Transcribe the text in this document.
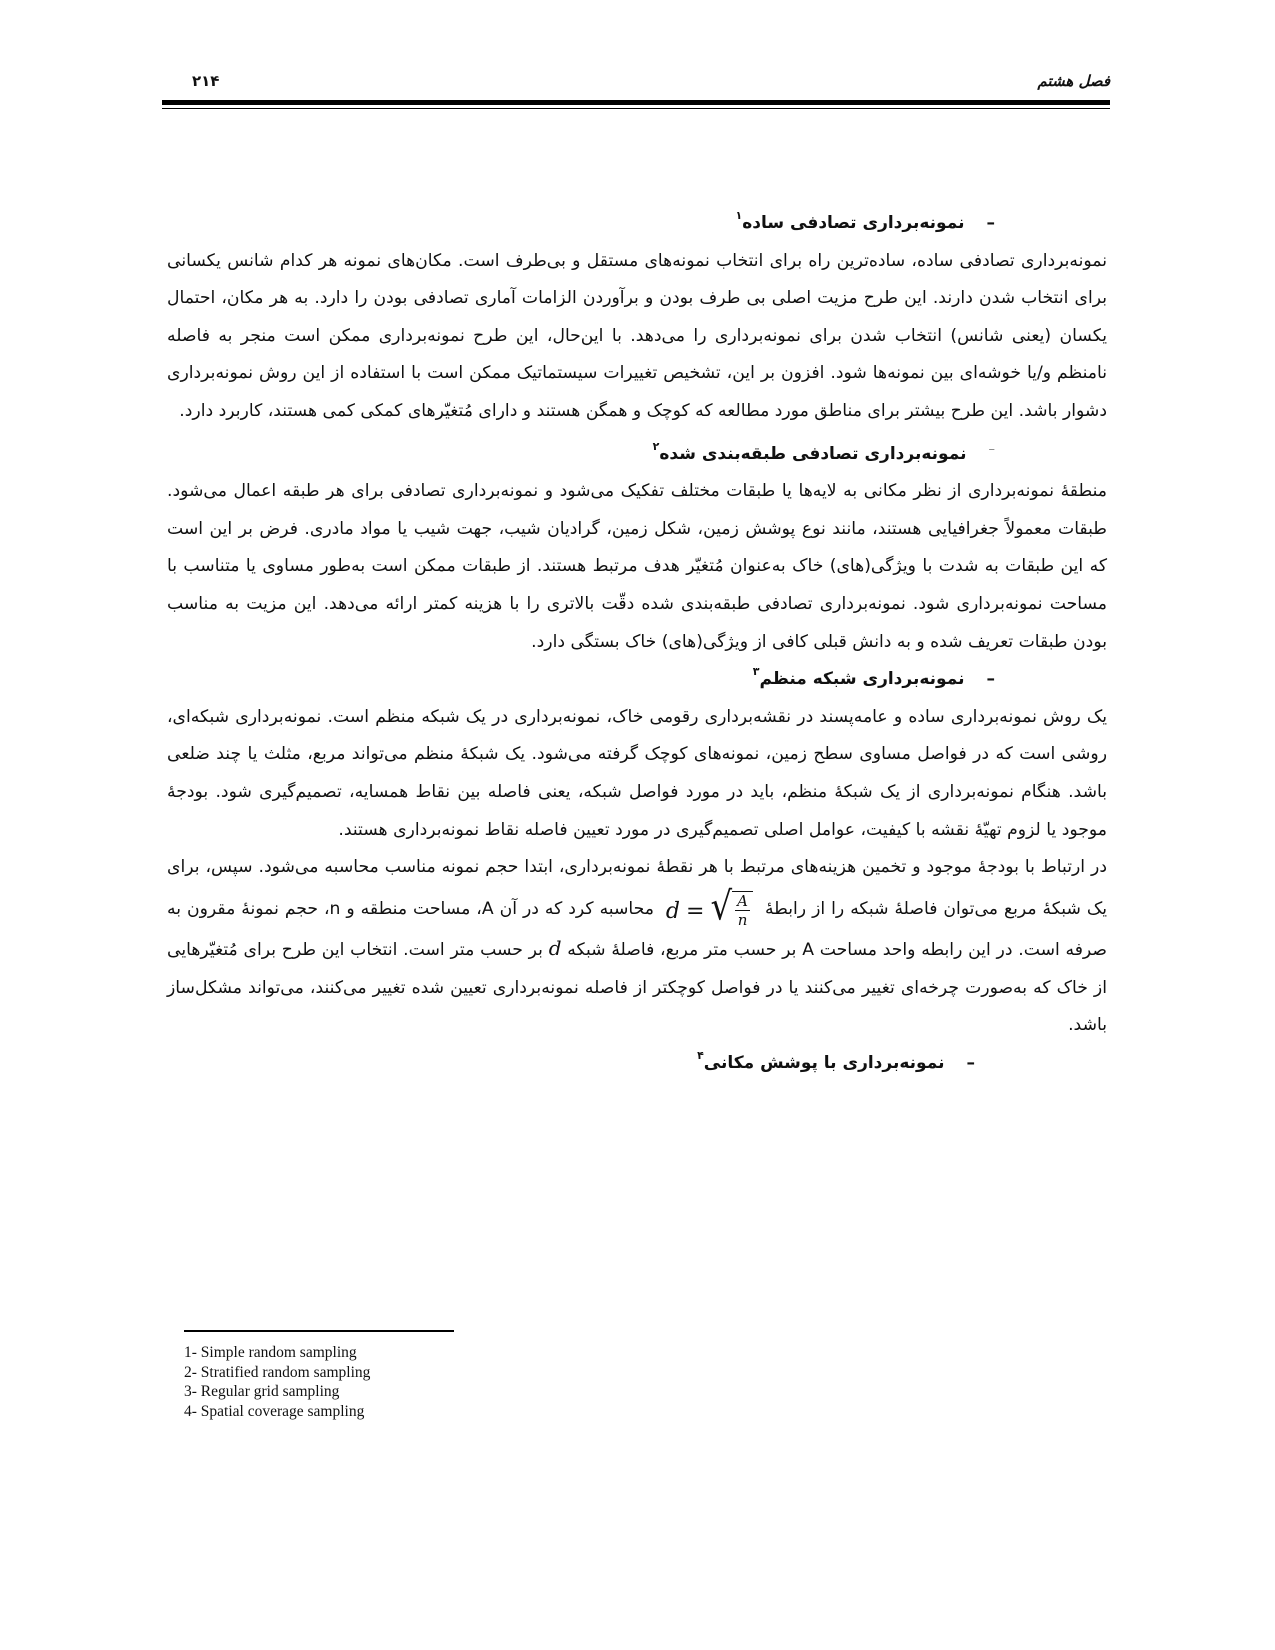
فصل هشتم
۲۱۴
–نمونه‌برداری تصادفی ساده$^۱$

نمونه‌برداری تصادفی ساده، ساده‌ترین راه برای انتخاب نمونه‌های مستقل و بی‌طرف است. مکان‌های نمونه هر کدام شانس یکسانی برای انتخاب شدن دارند. این طرح مزیت اصلی بی طرف بودن و برآوردن الزامات آماری تصادفی بودن را دارد. به هر مکان، احتمال یکسان (یعنی شانس) انتخاب شدن برای نمونه‌برداری را می‌دهد. با این‌حال، این طرح نمونه‌برداری ممکن است منجر به فاصله نامنظم و/یا خوشه‌ای بین نمونه‌ها شود. افزون بر این، تشخیص تغییرات سیستماتیک ممکن است با استفاده از این روش نمونه‌برداری دشوار باشد. این طرح بیشتر برای مناطق مورد مطالعه که کوچک و همگن هستند و دارای مُتغیّرهای کمکی کمی هستند، کاربرد دارد.

–نمونه‌برداری تصادفی طبقه‌بندی شده$^۲$

منطقهٔ نمونه‌برداری از نظر مکانی به لایه‌ها یا طبقات مختلف تفکیک می‌شود و نمونه‌برداری تصادفی برای هر طبقه اعمال می‌شود. طبقات معمولاً جغرافیایی هستند، مانند نوع پوشش زمین، شکل زمین، گرادیان شیب، جهت شیب یا مواد مادری. فرض بر این است که این طبقات به شدت با ویژگی(های) خاک به‌عنوان مُتغیّر هدف مرتبط هستند. از طبقات ممکن است به‌طور مساوی یا متناسب با مساحت نمونه‌برداری شود. نمونه‌برداری تصادفی طبقه‌بندی شده دقّت بالاتری را با هزینه کمتر ارائه می‌دهد. این مزیت به مناسب بودن طبقات تعریف شده و به دانش قبلی کافی از ویژگی(های) خاک بستگی دارد.

–نمونه‌برداری شبکه منظم$^۳$

یک روش نمونه‌برداری ساده و عامه‌پسند در نقشه‌برداری رقومی خاک، نمونه‌برداری در یک شبکه منظم است. نمونه‌برداری شبکه‌ای، روشی است که در فواصل مساوی سطح زمین، نمونه‌های کوچک گرفته می‌شود. یک شبکهٔ منظم می‌تواند مربع، مثلث یا چند ضلعی باشد. هنگام نمونه‌برداری از یک شبکهٔ منظم، باید در مورد فواصل شبکه، یعنی فاصله بین نقاط همسایه، تصمیم‌گیری شود. بودجهٔ موجود یا لزوم تهیّهٔ نقشه با کیفیت، عوامل اصلی تصمیم‌گیری در مورد تعیین فاصله نقاط نمونه‌برداری هستند.

در ارتباط با بودجهٔ موجود و تخمین هزینه‌های مرتبط با هر نقطهٔ نمونه‌برداری، ابتدا حجم نمونه مناسب محاسبه می‌شود. سپس، برای یک شبکهٔ مربع می‌توان فاصلهٔ شبکه را از رابطهٔ d = √ $\frac{A}{n}$
محاسبه کرد که در آن A، مساحت منطقه و n، حجم نمونهٔ مقرون به صرفه است. در این رابطه واحد مساحت A بر حسب متر مربع، فاصلهٔ شبکه d بر حسب متر است. انتخاب این طرح برای مُتغیّرهایی از خاک که به‌صورت چرخه‌ای تغییر می‌کنند یا در فواصل کوچکتر از فاصله نمونه‌برداری تعیین شده تغییر می‌کنند، می‌تواند مشکل‌ساز باشد.

–نمونه‌برداری با پوشش مکانی$^۴$
1- Simple random sampling
2- Stratified random sampling
3- Regular grid sampling
4- Spatial coverage sampling
